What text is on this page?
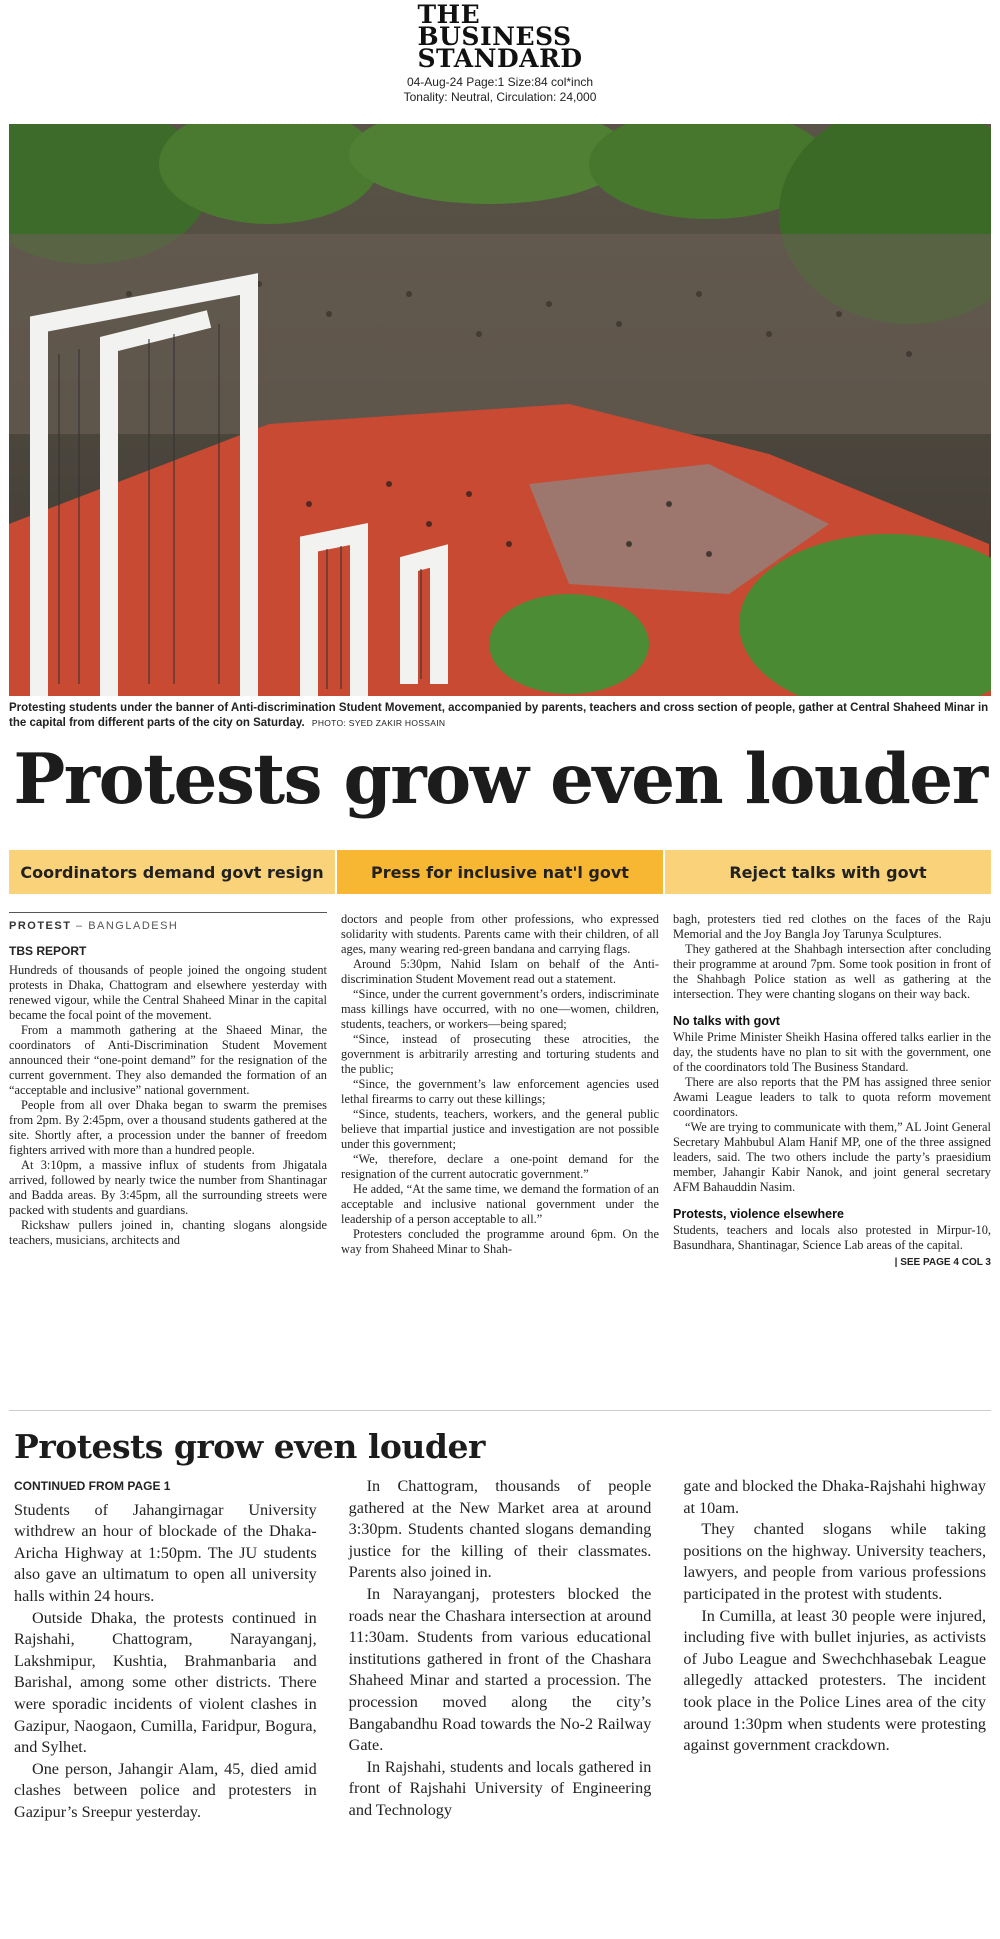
THE
BUSINESS
STANDARD
04-Aug-24 Page:1 Size:84 col*inch
Tonality: Neutral, Circulation: 24,000
Protesting students under the banner of Anti-discrimination Student Movement, accompanied by parents, teachers and cross section of people, gather at Central Shaheed Minar in the capital from different parts of the city on Saturday. PHOTO: SYED ZAKIR HOSSAIN
Protests grow even louder
Coordinators demand govt resign	Press for inclusive nat'l govt	Reject talks with govt
PROTEST – BANGLADESH
TBS REPORT

Hundreds of thousands of people joined the ongoing student protests in Dhaka, Chattogram and elsewhere yesterday with renewed vigour, while the Central Shaheed Minar in the capital became the focal point of the movement.

From a mammoth gathering at the Shaeed Minar, the coordinators of Anti-Discrimination Student Movement announced their “one-point demand” for the resignation of the current government. They also demanded the formation of an “acceptable and inclusive” national government.

People from all over Dhaka began to swarm the premises from 2pm. By 2:45pm, over a thousand students gathered at the site. Shortly after, a procession under the banner of freedom fighters arrived with more than a hundred people.

At 3:10pm, a massive influx of students from Jhigatala arrived, followed by nearly twice the number from Shantinagar and Badda areas. By 3:45pm, all the surrounding streets were packed with students and guardians.

Rickshaw pullers joined in, chanting slogans alongside teachers, musicians, architects and

doctors and people from other professions, who expressed solidarity with students. Parents came with their children, of all ages, many wearing red-green bandana and carrying flags.

Around 5:30pm, Nahid Islam on behalf of the Anti-discrimination Student Movement read out a statement.

“Since, under the current government’s orders, indiscriminate mass killings have occurred, with no one—women, children, students, teachers, or workers—being spared;

“Since, instead of prosecuting these atrocities, the government is arbitrarily arresting and torturing students and the public;

“Since, the government’s law enforcement agencies used lethal firearms to carry out these killings;

“Since, students, teachers, workers, and the general public believe that impartial justice and investigation are not possible under this government;

“We, therefore, declare a one-point demand for the resignation of the current autocratic government.”

He added, “At the same time, we demand the formation of an acceptable and inclusive national government under the leadership of a person acceptable to all.”

Protesters concluded the programme around 6pm. On the way from Shaheed Minar to Shah-

bagh, protesters tied red clothes on the faces of the Raju Memorial and the Joy Bangla Joy Tarunya Sculptures.

They gathered at the Shahbagh intersection after concluding their programme at around 7pm. Some took position in front of the Shahbagh Police station as well as gathering at the intersection. They were chanting slogans on their way back.

No talks with govt

While Prime Minister Sheikh Hasina offered talks earlier in the day, the students have no plan to sit with the government, one of the coordinators told The Business Standard.

There are also reports that the PM has assigned three senior Awami League leaders to talk to quota reform movement coordinators.

“We are trying to communicate with them,” AL Joint General Secretary Mahbubul Alam Hanif MP, one of the three assigned leaders, said. The two others include the party’s praesidium member, Jahangir Kabir Nanok, and joint general secretary AFM Bahauddin Nasim.

Protests, violence elsewhere

Students, teachers and locals also protested in Mirpur-10, Basundhara, Shantinagar, Science Lab areas of the capital.
| SEE PAGE 4 COL 3

Protests grow even louder
CONTINUED FROM PAGE 1

Students of Jahangirnagar University withdrew an hour of blockade of the Dhaka-Aricha Highway at 1:50pm. The JU students also gave an ultimatum to open all university halls within 24 hours.

Outside Dhaka, the protests continued in Rajshahi, Chattogram, Narayanganj, Lakshmipur, Kushtia, Brahmanbaria and Barishal, among some other districts. There were sporadic incidents of violent clashes in Gazipur, Naogaon, Cumilla, Faridpur, Bogura, and Sylhet.

One person, Jahangir Alam, 45, died amid clashes between police and protesters in Gazipur’s Sreepur yesterday.

In Chattogram, thousands of people gathered at the New Market area at around 3:30pm. Students chanted slogans demanding justice for the killing of their classmates. Parents also joined in.

In Narayanganj, protesters blocked the roads near the Chashara intersection at around 11:30am. Students from various educational institutions gathered in front of the Chashara Shaheed Minar and started a procession. The procession moved along the city’s Bangabandhu Road towards the No-2 Railway Gate.

In Rajshahi, students and locals gathered in front of Rajshahi University of Engineering and Technology

gate and blocked the Dhaka-Rajshahi highway at 10am.

They chanted slogans while taking positions on the highway. University teachers, lawyers, and people from various professions participated in the protest with students.

In Cumilla, at least 30 people were injured, including five with bullet injuries, as activists of Jubo League and Swechchhasebak League allegedly attacked protesters. The incident took place in the Police Lines area of the city around 1:30pm when students were protesting against government crackdown.
